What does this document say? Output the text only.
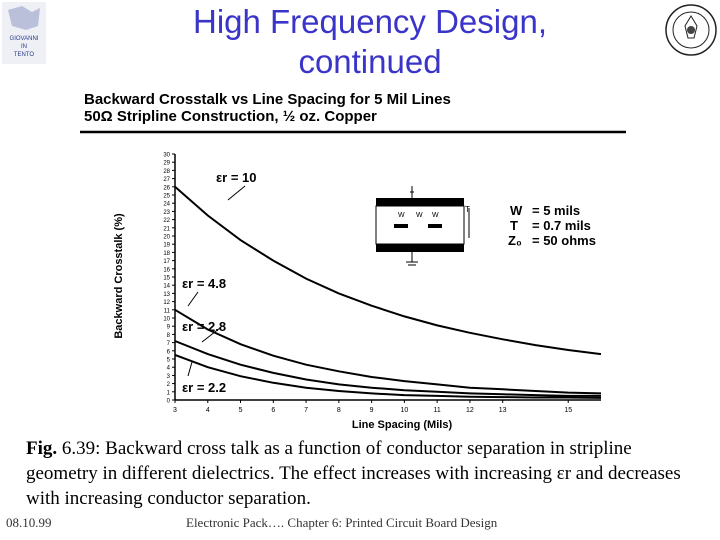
GIOVANNI
IN
TENTO
High Frequency Design,
continued
Backward Crosstalk vs Line Spacing for 5 Mil Lines
50Ω Stripline Construction, ½ oz. Copper
0
1
2
3
4
5
6
7
8
9
10
11
12
13
14
15
16
17
18
19
20
21
22
23
24
25
26
27
28
29
30
3	4	5	6	7	8	9	10	11	12	13	15
Line Spacing (Mils)
Backward Crosstalk (%)	W W W
T	W = 5 mils
T = 0.7 mils
Z₀ = 50 ohms
εr = 10
εr = 4.8
εr = 2.8
εr = 2.2
Fig. 6.39: Backward cross talk as a function of conductor separation in stripline geometry in different dielectrics. The effect increases with increasing εr and decreases with increasing conductor separation.
08.10.99	Electronic Pack…. Chapter 6: Printed Circuit Board Design
